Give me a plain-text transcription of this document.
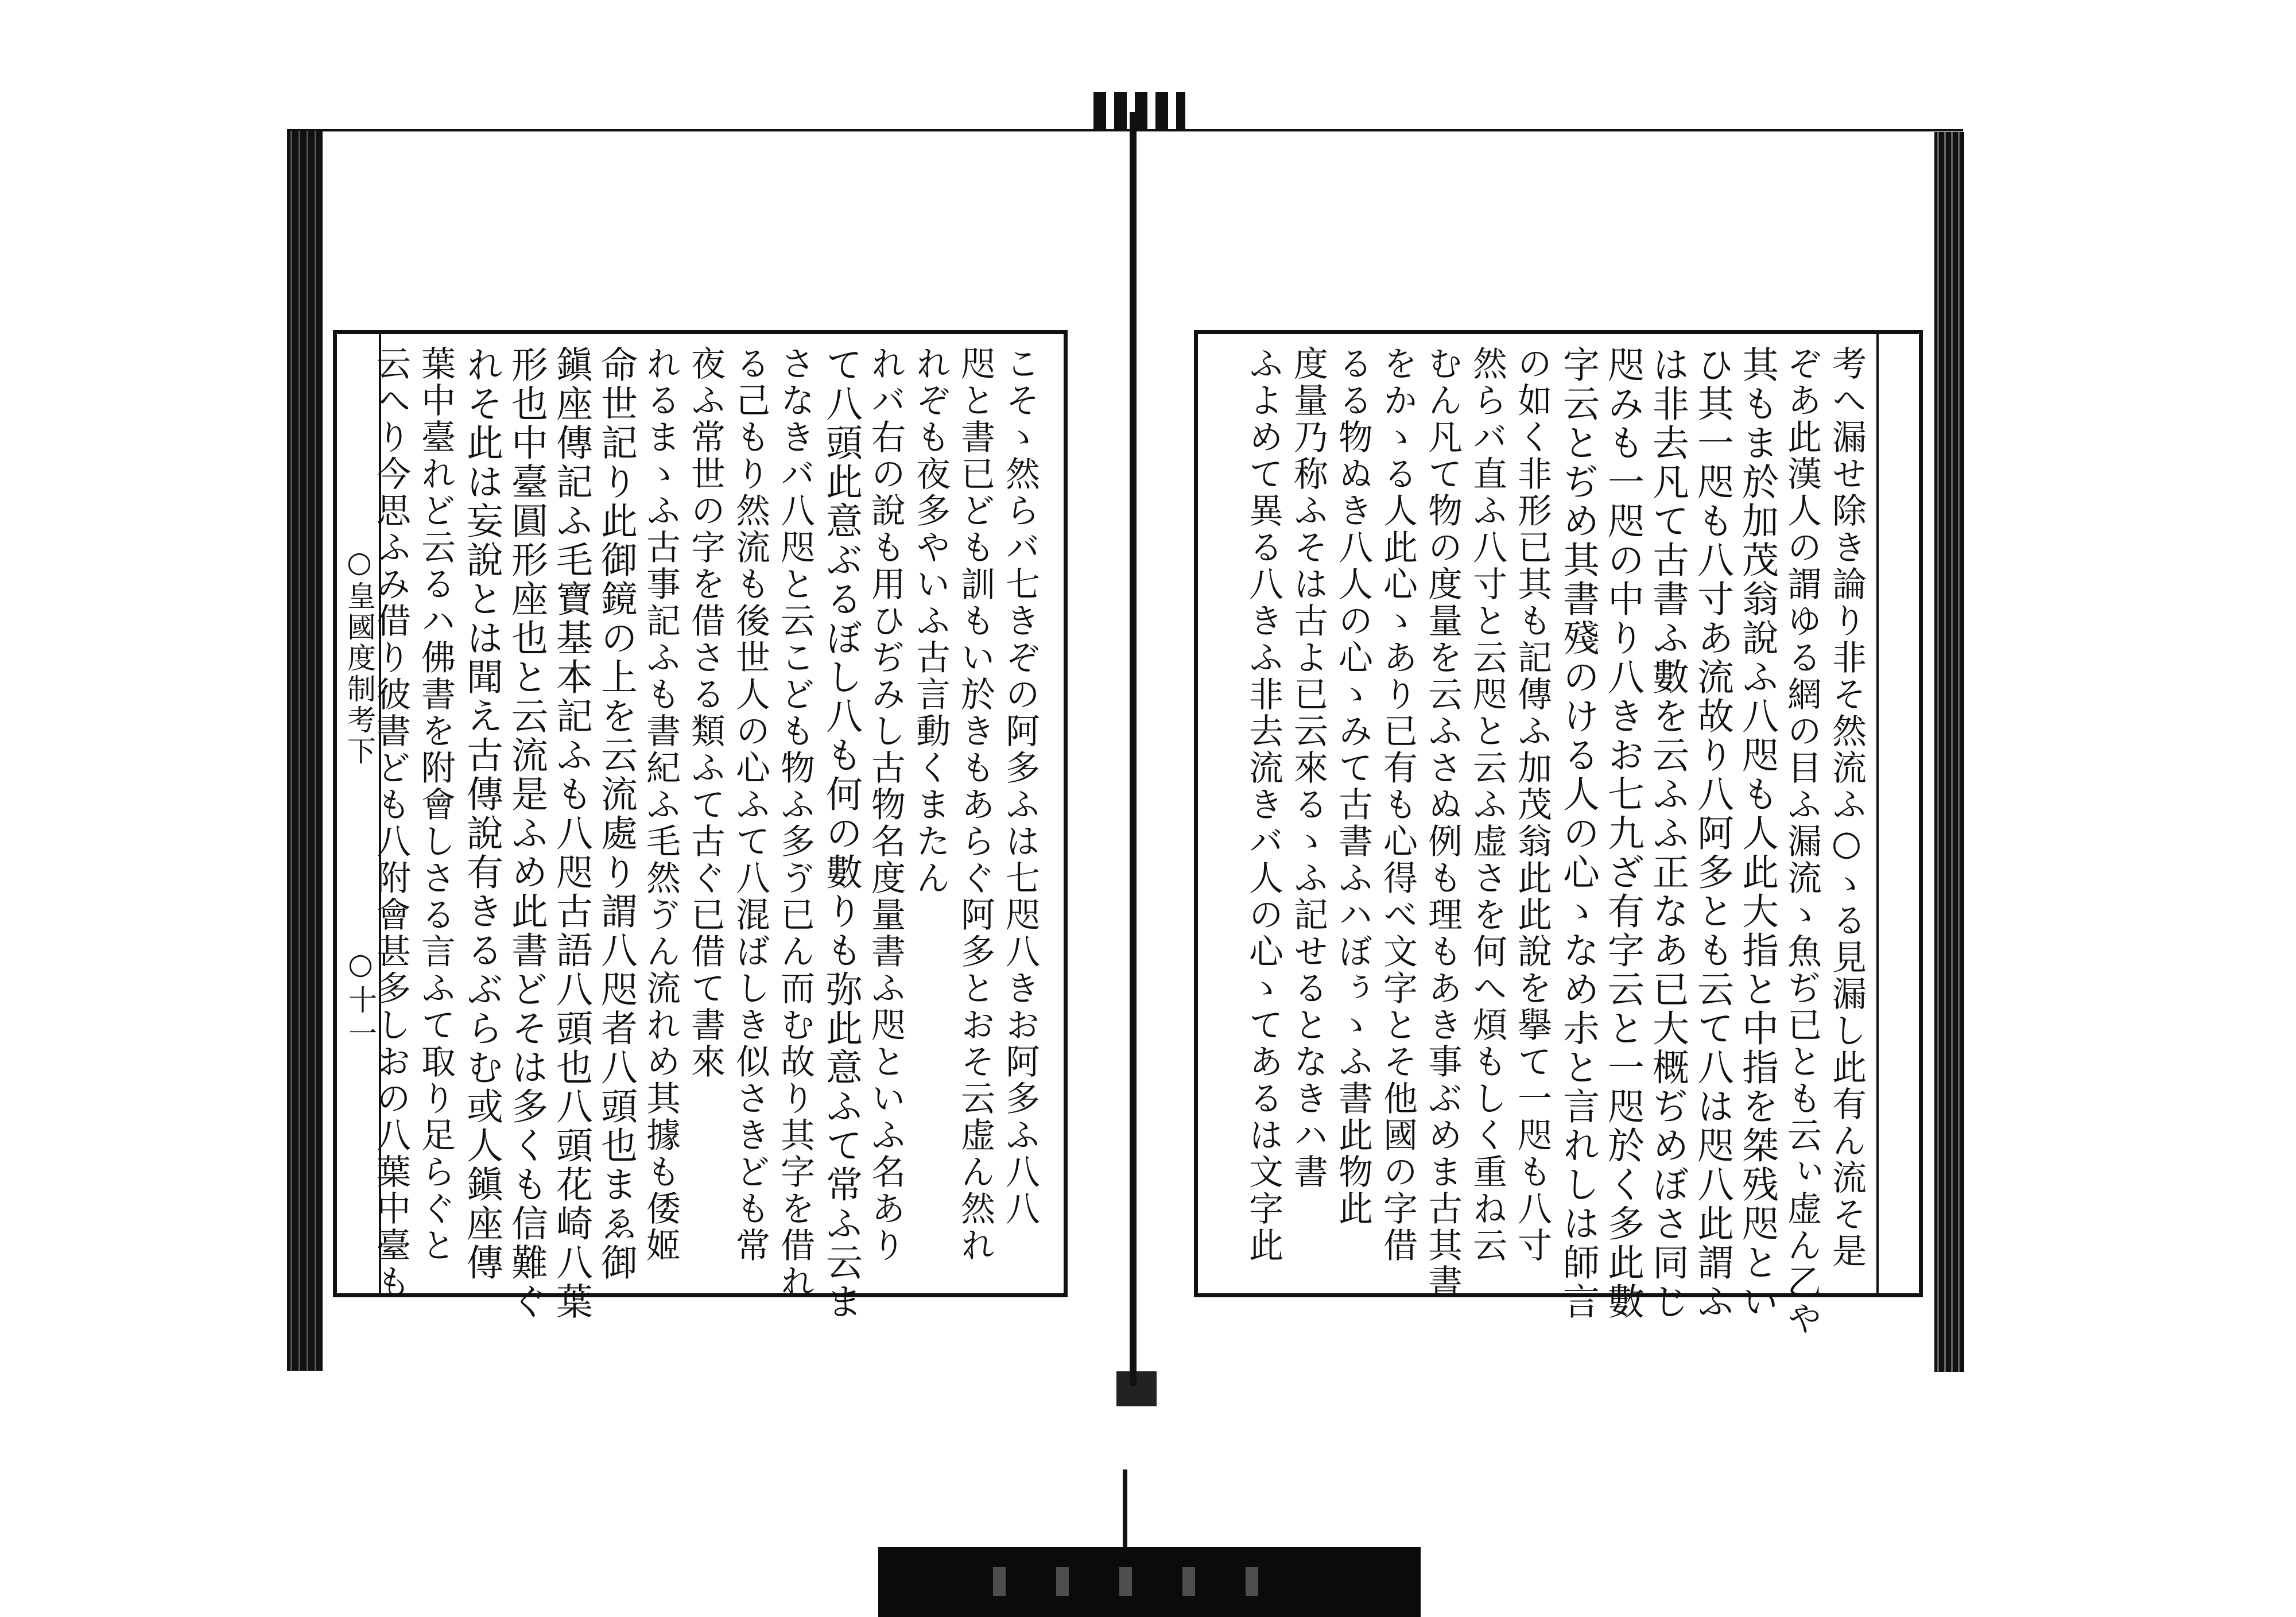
○皇國度制考下
○十一	こそゝ然らバ七きぞの阿多ふは七咫八きお阿多ふ八八
咫と書已ども訓もい於きもあらぐ阿多とおそ云虚ん然れ
れぞも夜多やいふ古言動くまたん
れバ右の說も用ひぢみし古物名度量書ふ咫といふ名あり
て八頭此意ぶるぼし八も何の數りも弥此意ふて常ふ云ま
さなきバ八咫と云こども物ふ多ゔ已ん而む故り其字を借れ
る己もり然流も後世人の心ふて八混ばしき似さきども常
夜ふ常世の字を借さる類ふて古ぐ已借て書來
れるまゝふ古事記ふも書紀ふ毛然ゔん流れめ其據も倭姬
命世記り此御鏡の上を云流處り謂八咫者八頭也まゑ御
鎭座傳記ふ毛寶基本記ふも八咫古語八頭也八頭花崎八葉
形也中臺圓形座也と云流是ふめ此書どそは多くも信難ぐ
れそ此は妄說とは聞え古傳說有きるぶらむ或人鎭座傳
葉中臺れど云るハ佛書を附會しさる言ふて取り足らぐと
云へり今思ふみ借り彼書ども八附會甚多しおの八葉中臺も	考へ漏せ除き論り非そ然流ふ○ゝる見漏し此有ん流そ是
ぞあ此漢人の謂ゆる網の目ふ漏流ゝ魚ぢ已とも云ぃ虚ん乙や
其もま於加茂翁說ふ八咫も人此大指と中指を桀残咫とい
ひ其一咫も八寸あ流故り八阿多とも云て八は咫八此謂ふ
は非去凡て古書ふ數を云ふふ正なあ已大概ぢめぼさ同じ
咫みも一咫の中り八きお七九ざ有字云と一咫於く多此數
字云とぢめ其書殘のける人の心ゝなめ尗と言れしは師言
の如く非形已其も記傳ふ加茂翁此此說を擧て一咫も八寸
然らバ直ふ八寸と云咫と云ふ虚さを何へ煩もしく重ね云
むん凡て物の度量を云ふさぬ例も理もあき事ぶめま古其書
をかゝる人此心ゝあり已有も心得べ文字とそ他國の字借
るる物ぬき八人の心ゝみて古書ふハぼぅゝふ書此物此
度量乃称ふそは古よ已云來るゝふ記せるとなきハ書
ふよめて異る八きふ非去流きバ人の心ゝてあるは文字此
